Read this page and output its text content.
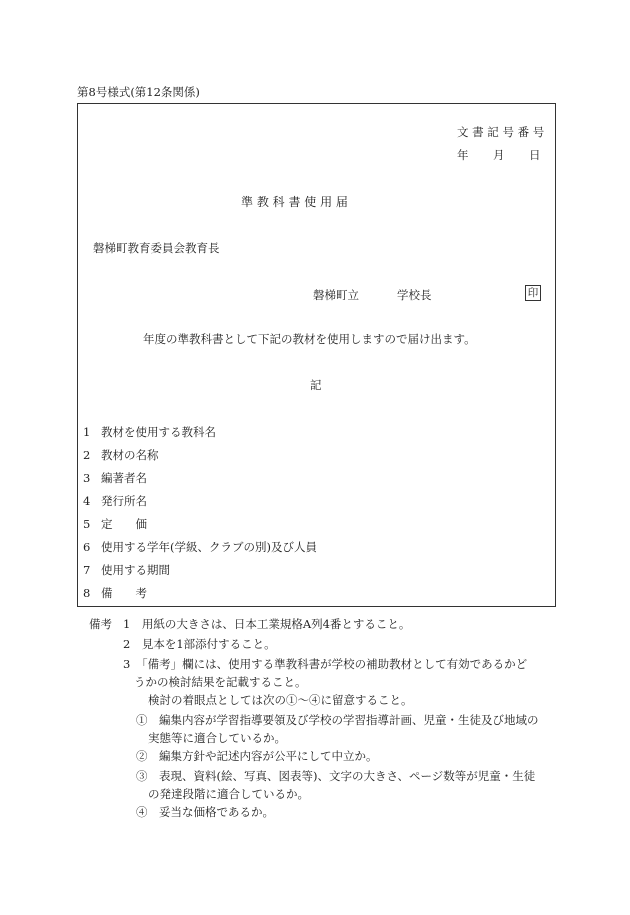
第8号様式(第12条関係)
文 書 記 号 番 号
年 月 日
準 教 科 書 使 用 届
磐梯町教育委員会教育長
磐梯町立	学校長	印
年度の準教科書として下記の教材を使用しますので届け出ます。
記
1 教材を使用する教科名
2 教材の名称
3 編著者名
4 発行所名
5 定　　価
6 使用する学年(学級、クラブの別)及び人員
7 使用する期間
8 備　　考
備考 1　用紙の大きさは、日本工業規格A列4番とすること。
2　見本を1部添付すること。
3　「備考」欄には、使用する準教科書が学校の補助教材として有効であるかど
うかの検討結果を記載すること。
検討の着眼点としては次の①～④に留意すること。
①　編集内容が学習指導要領及び学校の学習指導計画、児童・生徒及び地域の
実態等に適合しているか。
②　編集方針や記述内容が公平にして中立か。
③　表現、資料(絵、写真、図表等)、文字の大きさ、ページ数等が児童・生徒
の発達段階に適合しているか。
④　妥当な価格であるか。
